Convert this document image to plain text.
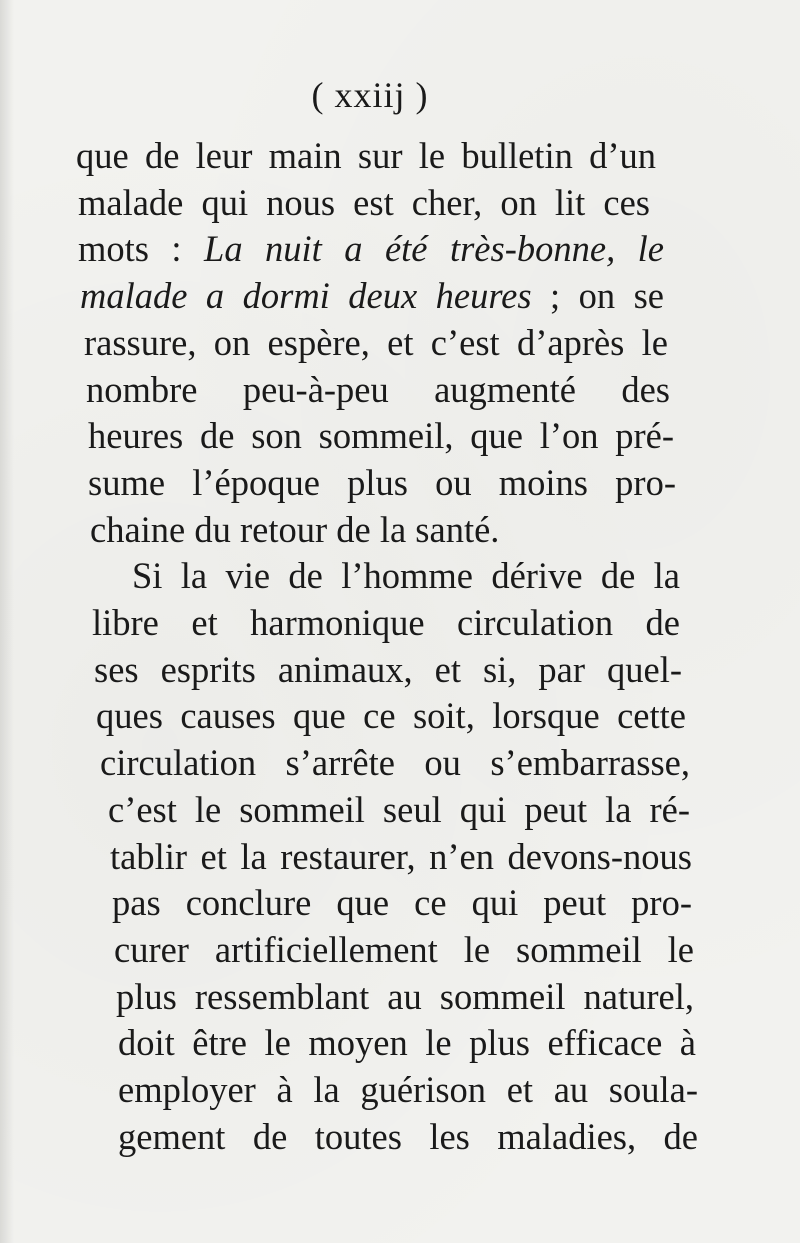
( xxiij )
que de leur main sur le bulletin d’un
malade qui nous est cher, on lit ces
mots : La nuit a été très-bonne, le
malade a dormi deux heures ; on se
rassure, on espère, et c’est d’après le
nombre peu-à-peu augmenté des
heures de son sommeil, que l’on pré-
sume l’époque plus ou moins pro-
chaine du retour de la santé.
Si la vie de l’homme dérive de la
libre et harmonique circulation de
ses esprits animaux, et si, par quel-
ques causes que ce soit, lorsque cette
circulation s’arrête ou s’embarrasse,
c’est le sommeil seul qui peut la ré-
tablir et la restaurer, n’en devons-nous
pas conclure que ce qui peut pro-
curer artificiellement le sommeil le
plus ressemblant au sommeil naturel,
doit être le moyen le plus efficace à
employer à la guérison et au soula-
gement de toutes les maladies, de
